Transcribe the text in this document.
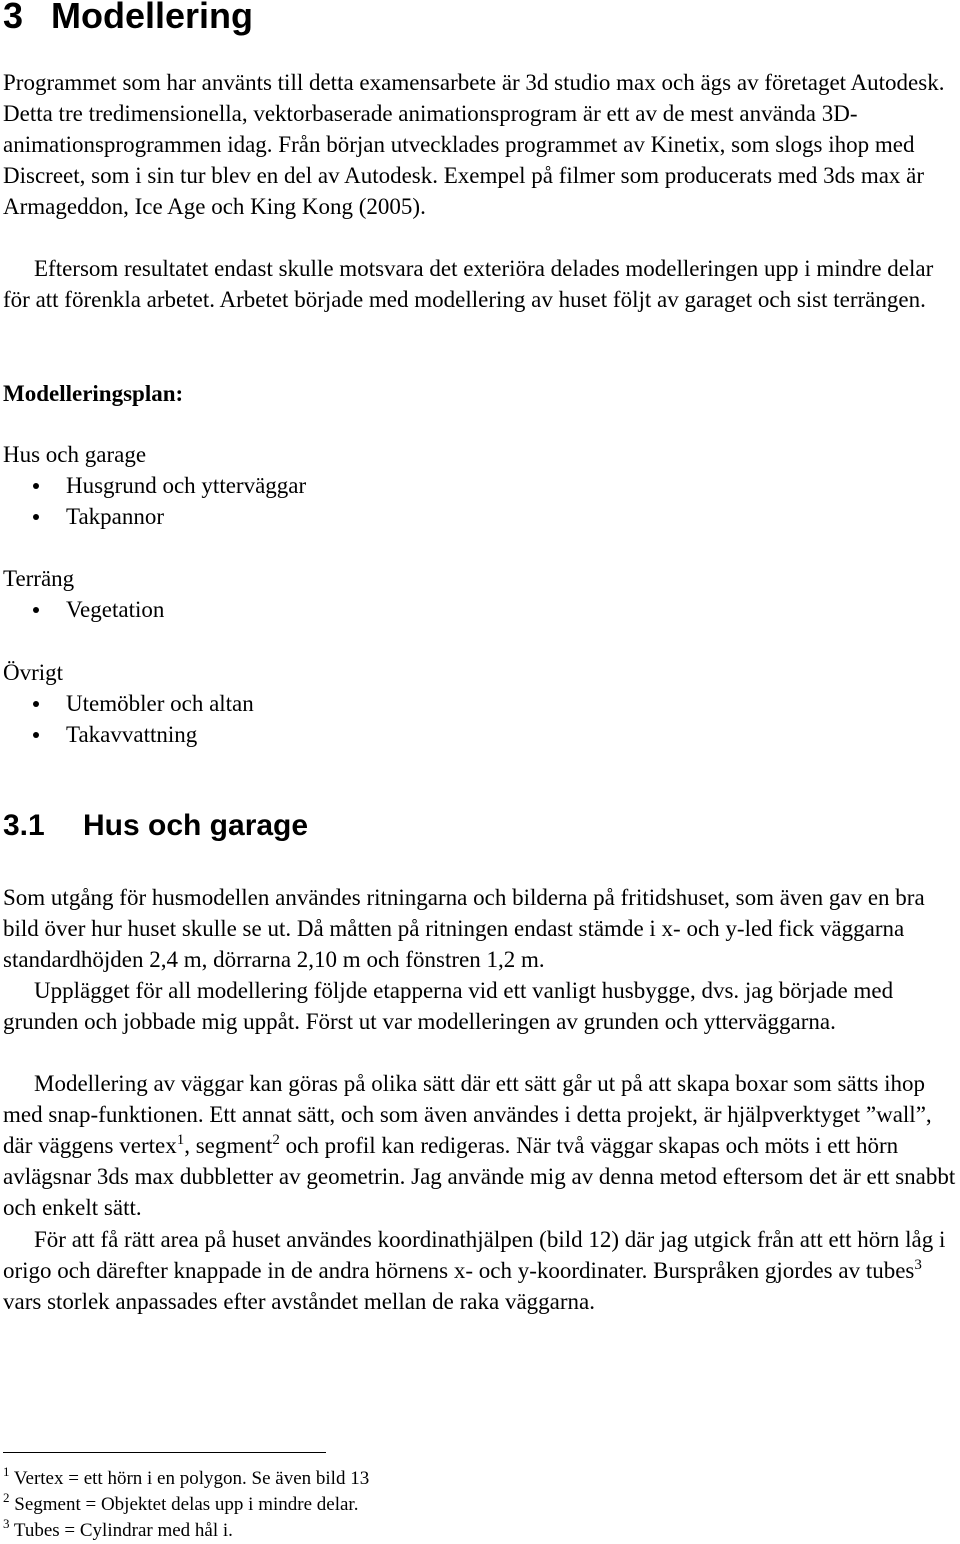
3 Modellering

Programmet som har använts till detta examensarbete är 3d studio max och ägs av företaget Autodesk. Detta tre tredimensionella, vektorbaserade animationsprogram är ett av de mest använda 3D-animationsprogrammen idag. Från början utvecklades programmet av Kinetix, som slogs ihop med Discreet, som i sin tur blev en del av Autodesk. Exempel på filmer som producerats med 3ds max är Armageddon, Ice Age och King Kong (2005).

Eftersom resultatet endast skulle motsvara det exteriöra delades modelleringen upp i mindre delar för att förenkla arbetet. Arbetet började med modellering av huset följt av garaget och sist terrängen.

Modelleringsplan:

Hus och garage

Husgrund och ytterväggar
Takpannor

Terräng

Vegetation

Övrigt

Utemöbler och altan
Takavvattning
3.1 Hus och garage

Som utgång för husmodellen användes ritningarna och bilderna på fritidshuset, som även gav en bra bild över hur huset skulle se ut. Då måtten på ritningen endast stämde i x- och y-led fick väggarna standardhöjden 2,4 m, dörrarna 2,10 m och fönstren 1,2 m.

Upplägget för all modellering följde etapperna vid ett vanligt husbygge, dvs. jag började med grunden och jobbade mig uppåt. Först ut var modelleringen av grunden och ytterväggarna.

Modellering av väggar kan göras på olika sätt där ett sätt går ut på att skapa boxar som sätts ihop med snap-funktionen. Ett annat sätt, och som även användes i detta projekt, är hjälpverktyget ”wall”, där väggens vertex$^1$, segment$^2$ och profil kan redigeras. När två väggar skapas och möts i ett hörn avlägsnar 3ds max dubbletter av geometrin. Jag använde mig av denna metod eftersom det är ett snabbt och enkelt sätt.

För att få rätt area på huset användes koordinathjälpen (bild 12) där jag utgick från att ett hörn låg i origo och därefter knappade in de andra hörnens x- och y-koordinater. Burspråken gjordes av tubes$^3$ vars storlek anpassades efter avståndet mellan de raka väggarna.

$^1$ Vertex = ett hörn i en polygon. Se även bild 13
$^2$ Segment = Objektet delas upp i mindre delar.
$^3$ Tubes = Cylindrar med hål i.
